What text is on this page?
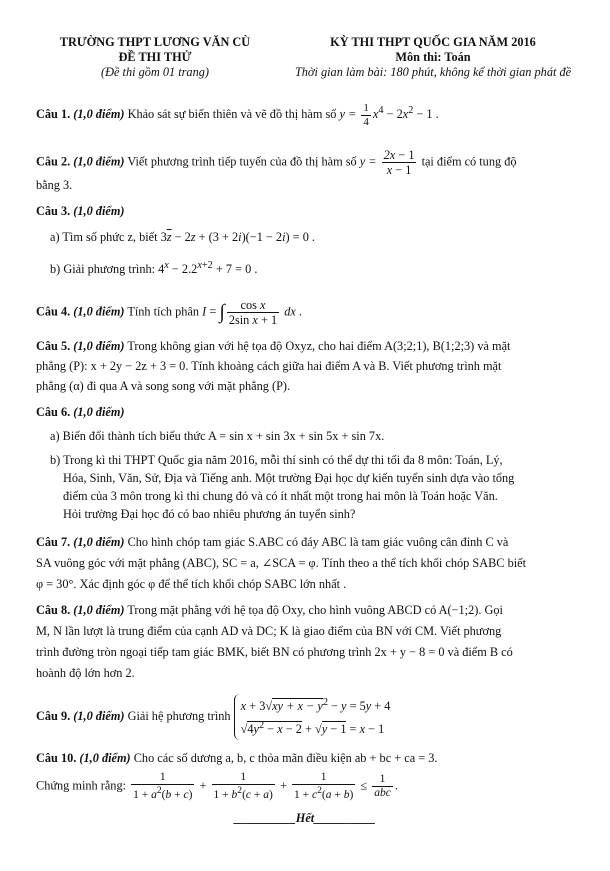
TRƯỜNG THPT LƯƠNG VĂN CÙ
ĐỀ THI THỬ
(Đề thi gồm 01 trang)
KỲ THI THPT QUỐC GIA NĂM 2016
Môn thi: Toán
Thời gian làm bài: 180 phút, không kể thời gian phát đề
Câu 1. (1,0 điểm) Khảo sát sự biến thiên và vẽ đồ thị hàm số $y = \frac{1}{4} x^4 - 2x^2 - 1$ .
Câu 2. (1,0 điểm) Viết phương trình tiếp tuyến của đồ thị hàm số $y = \frac{2x - 1}{x - 1}$ tại điểm có tung độ
bằng 3.
Câu 3. (1,0 điểm)
a) Tìm số phức z, biết $3\overline{z} - 2z + (3 + 2i)(-1 - 2i) = 0$ .
b) Giải phương trình: $4^x - 2.2^{x+2} + 7 = 0$ .
Câu 4. (1,0 điểm) Tính tích phân I = ∫ $\frac{\text{cos x}}{\text{2sin x + 1}}$ dx .
Câu 5. (1,0 điểm) Trong không gian với hệ tọa độ Oxyz, cho hai điểm A(3;2;1), B(1;2;3) và mặt
phẳng (P): x + 2y − 2z + 3 = 0. Tính khoảng cách giữa hai điểm A và B. Viết phương trình mặt
phẳng (α) đi qua A và song song với mặt phẳng (P).
Câu 6. (1,0 điểm)
a) Biến đổi thành tích biểu thức A = sin x + sin 3x + sin 5x + sin 7x.
b) Trong kì thi THPT Quốc gia năm 2016, mỗi thí sinh có thể dự thi tối đa 8 môn: Toán, Lý,
Hóa, Sinh, Văn, Sử, Địa và Tiếng anh. Một trường Đại học dự kiến tuyển sinh dựa vào tổng
điểm của 3 môn trong kì thi chung đó và có ít nhất một trong hai môn là Toán hoặc Văn.
Hỏi trường Đại học đó có bao nhiêu phương án tuyển sinh?
Câu 7. (1,0 điểm) Cho hình chóp tam giác S.ABC có đáy ABC là tam giác vuông cân đỉnh C và
SA vuông góc với mặt phẳng (ABC), SC = a, ∠SCA = φ. Tính theo a thể tích khối chóp SABC biết
φ = 30°. Xác định góc φ để thể tích khối chóp SABC lớn nhất .
Câu 8. (1,0 điểm) Trong mặt phẳng với hệ tọa độ Oxy, cho hình vuông ABCD có A(−1;2). Gọi
M, N lần lượt là trung điểm của cạnh AD và DC; K là giao điểm của BN với CM. Viết phương
trình đường tròn ngoại tiếp tam giác BMK, biết BN có phương trình 2x + y − 8 = 0 và điểm B có
hoành độ lớn hơn 2.
Câu 9. (1,0 điểm) Giải hệ phương trình $x + 3√xy + x - y^2 - y = 5y + 4$
$√4y^2 - x - 2 + √y - 1 = x - 1$
Câu 10. (1,0 điểm) Cho các số dương a, b, c thỏa mãn điều kiện ab + bc + ca = 3.
Chứng minh rằng: $\frac{1}{1 + a^2(b + c)} + \frac{1}{1 + b^2(c + a)} + \frac{1}{1 + c^2(a + b)} \le \frac{1}{\text{abc}}$ .
__________Hết__________
